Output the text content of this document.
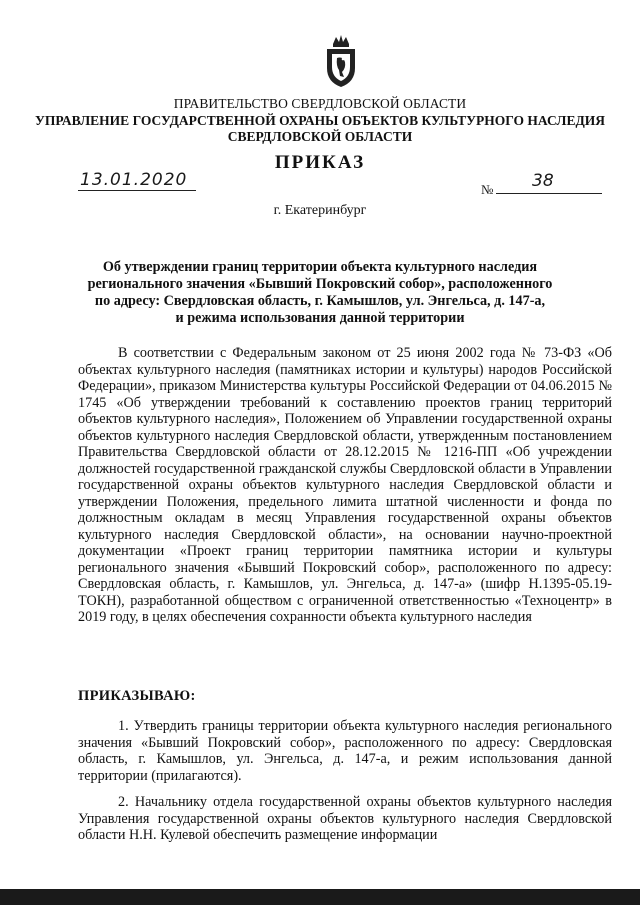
ПРАВИТЕЛЬСТВО СВЕРДЛОВСКОЙ ОБЛАСТИ
УПРАВЛЕНИЕ ГОСУДАРСТВЕННОЙ ОХРАНЫ ОБЪЕКТОВ КУЛЬТУРНОГО НАСЛЕДИЯ
СВЕРДЛОВСКОЙ ОБЛАСТИ
ПРИКАЗ
13.01.2020	№ 38
г. Екатеринбург
Об утверждении границ территории объекта культурного наследия
регионального значения «Бывший Покровский собор», расположенного
по адресу: Свердловская область, г. Камышлов, ул. Энгельса, д. 147-а,
и режима использования данной территории
В соответствии с Федеральным законом от 25 июня 2002 года № 73-ФЗ «Об объектах культурного наследия (памятниках истории и культуры) народов Российской Федерации», приказом Министерства культуры Российской Федерации от 04.06.2015 № 1745 «Об утверждении требований к составлению проектов границ территорий объектов культурного наследия», Положением об Управлении государственной охраны объектов культурного наследия Свердловской области, утвержденным постановлением Правительства Свердловской области от 28.12.2015 № 1216-ПП «Об учреждении должностей государственной гражданской службы Свердловской области в Управлении государственной охраны объектов культурного наследия Свердловской области и утверждении Положения, предельного лимита штатной численности и фонда по должностным окладам в месяц Управления государственной охраны объектов культурного наследия Свердловской области», на основании научно-проектной документации «Проект границ территории памятника истории и культуры регионального значения «Бывший Покровский собор», расположенного по адресу: Свердловская область, г. Камышлов, ул. Энгельса, д. 147-а» (шифр Н.1395-05.19-ТОКН), разработанной обществом с ограниченной ответственностью «Техноцентр» в 2019 году, в целях обеспечения сохранности объекта культурного наследия
ПРИКАЗЫВАЮ:
1. Утвердить границы территории объекта культурного наследия регионального значения «Бывший Покровский собор», расположенного по адресу: Свердловская область, г. Камышлов, ул. Энгельса, д. 147-а, и режим использования данной территории (прилагаются).
2. Начальнику отдела государственной охраны объектов культурного наследия Управления государственной охраны объектов культурного наследия Свердловской области Н.Н. Кулевой обеспечить размещение информации
